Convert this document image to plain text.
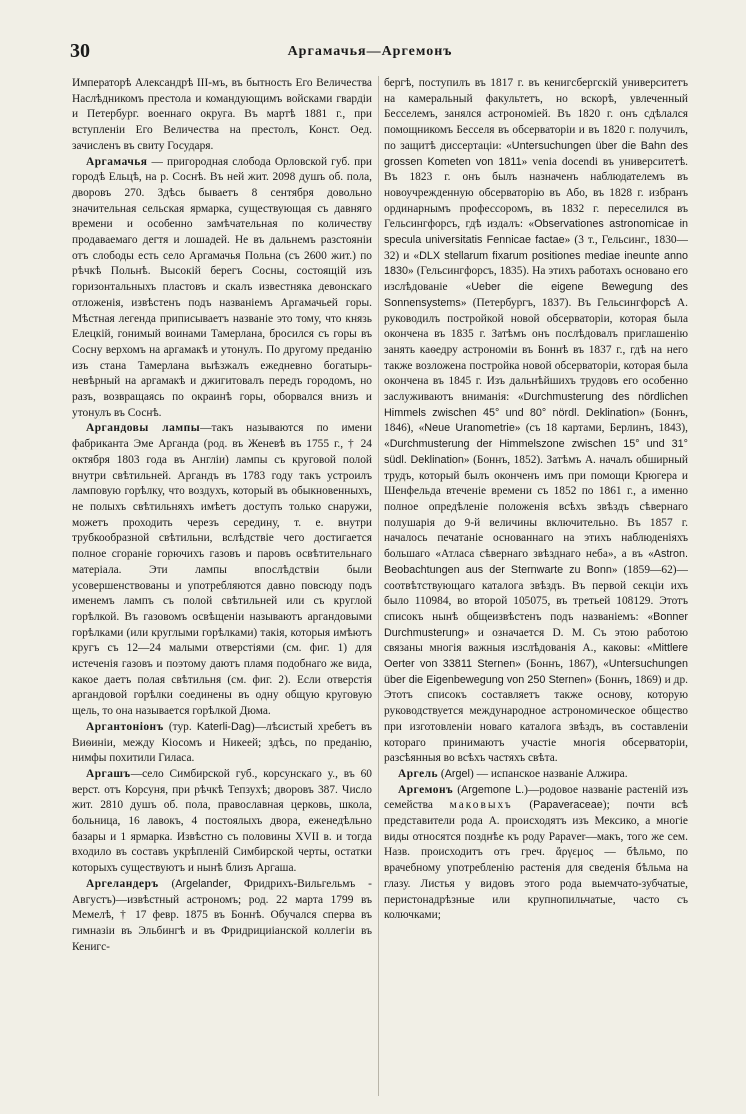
30	Аргамачья—Аргемонъ

Императорѣ Александрѣ III-мъ, въ бытность Его Величества Наслѣдникомъ престола и командующимъ войсками гвардіи и Петербург. военнаго округа. Въ мартѣ 1881 г., при вступленіи Его Величества на престолъ, Конст. Оед. зачисленъ въ свиту Государя.

Аргамачья — пригородная слобода Орловской губ. при городѣ Ельцѣ, на р. Соснѣ. Въ ней жит. 2098 душъ об. пола, дворовъ 270. Здѣсь бываетъ 8 сентября довольно значительная сельская ярмарка, существующая съ давняго времени и особенно замѣчательная по количеству продаваемаго дегтя и лошадей. Не въ дальнемъ разстояніи отъ слободы есть село Аргамачья Польна (съ 2600 жит.) по рѣчкѣ Польнѣ. Высокій берегъ Сосны, состоящій изъ горизонтальныхъ пластовъ и скалъ известняка девонскаго отложенія, извѣстенъ подъ названіемъ Аргамачьей горы. Мѣстная легенда приписываетъ названіе это тому, что князь Елецкій, гонимый воинами Тамерлана, бросился съ горы въ Сосну верхомъ на аргамакѣ и утонулъ. По другому преданію изъ стана Тамерлана выѣзжалъ ежедневно богатырь-невѣрный на аргамакѣ и джигитовалъ передъ городомъ, но разъ, возвращаясь по окраинѣ горы, оборвался внизъ и утонулъ въ Соснѣ.

Аргандовы лампы—такъ называются по имени фабриканта Эме Арганда (род. въ Женевѣ въ 1755 г., † 24 октября 1803 года въ Англіи) лампы съ круговой полой внутри свѣтильней. Аргандъ въ 1783 году такъ устроилъ ламповую горѣлку, что воздухъ, который въ обыкновенныхъ, не полыхъ свѣтильняхъ имѣетъ доступъ только снаружи, можетъ проходить черезъ середину, т. е. внутри трубкообразной свѣтильни, вслѣдствіе чего достигается полное сгораніе горючихъ газовъ и паровъ освѣтительнаго матеріала. Эти лампы впослѣдствіи были усовершенствованы и употребляются давно повсюду подъ именемъ лампъ съ полой свѣтильней или съ круглой горѣлкой. Въ газовомъ освѣщеніи называютъ аргандовыми горѣлками (или круглыми горѣлками) такія, которыя имѣютъ кругъ съ 12—24 малыми отверстіями (см. фиг. 1) для истеченія газовъ и поэтому даютъ пламя подобнаго же вида, какое даетъ полая свѣтильня (см. фиг. 2). Если отверстія аргандовой горѣлки соединены въ одну общую круговую щель, то она называется горѣлкой Дюма.

Аргантоніонъ (тур. Katerli-Dag)—лѣсистый хребетъ въ Виѳиніи, между Кіосомъ и Никеей; здѣсь, по преданію, нимфы похитили Гиласа.

Аргашъ—село Симбирской губ., корсунскаго у., въ 60 верст. отъ Корсуня, при рѣчкѣ Тепзухѣ; дворовъ 387. Число жит. 2810 душъ об. пола, православная церковь, школа, больница, 16 лавокъ, 4 постоялыхъ двора, еженедѣльно базары и 1 ярмарка. Извѣстно съ половины XVII в. и тогда входило въ составъ укрѣпленій Симбирской черты, остатки которыхъ существуютъ и нынѣ близъ Аргаша.

Аргеландеръ (Argelander, Фридрихъ-Вильгельмъ - Августъ)—извѣстный астрономъ; род. 22 марта 1799 въ Мемелѣ, † 17 февр. 1875 въ Боннѣ. Обучался сперва въ гимназіи въ Эльбингѣ и въ Фридрициіанской коллегіи въ Кенигс-

бергѣ, поступилъ въ 1817 г. въ кенигсбергскій университетъ на камеральный факультетъ, но вскорѣ, увлеченный Бесселемъ, занялся астрономіей. Въ 1820 г. онъ сдѣлался помощникомъ Бесселя въ обсерваторіи и въ 1820 г. получилъ, по защитѣ диссертаціи: «Untersuchungen über die Bahn des grossen Kometen von 1811» venia docendi въ университетѣ. Въ 1823 г. онъ былъ назначенъ наблюдателемъ въ новоучрежденную обсерваторію въ Або, въ 1828 г. избранъ ординарнымъ профессоромъ, въ 1832 г. переселился въ Гельсингфорсъ, гдѣ издалъ: «Observationes astronomicae in specula universitatis Fennicae factae» (3 т., Гельсинг., 1830—32) и «DLX stellarum fixarum positiones mediae ineunte anno 1830» (Гельсингфорсъ, 1835). На этихъ работахъ основано его изслѣдованіе «Ueber die eigene Bewegung des Sonnensystems» (Петербургъ, 1837). Въ Гельсингфорсѣ А. руководилъ постройкой новой обсерваторіи, которая была окончена въ 1835 г. Затѣмъ онъ послѣдовалъ приглашенію занять каѳедру астрономіи въ Боннѣ въ 1837 г., гдѣ на него также возложена постройка новой обсерваторіи, которая была окончена въ 1845 г. Изъ дальнѣйшихъ трудовъ его особенно заслуживаютъ вниманія: «Durchmusterung des nördlichen Himmels zwischen 45° und 80° nördl. Deklination» (Боннъ, 1846), «Neue Uranometrie» (съ 18 картами, Берлинъ, 1843), «Durchmusterung der Himmelszone zwischen 15° und 31° südl. Deklination» (Боннъ, 1852). Затѣмъ А. началъ обширный трудъ, который былъ оконченъ имъ при помощи Крюгера и Шенфельда втеченіе времени съ 1852 по 1861 г., а именно полное опредѣленіе положенія всѣхъ звѣздъ сѣвернаго полушарія до 9-й величины включительно. Въ 1857 г. началось печатаніе основаннаго на этихъ наблюденіяхъ большаго «Атласа сѣвернаго звѣзднаго неба», а въ «Astron. Beobachtungen aus der Sternwarte zu Bonn» (1859—62)—соотвѣтствующаго каталога звѣздъ. Въ первой секціи ихъ было 110984, во второй 105075, въ третьей 108129. Этотъ списокъ нынѣ общеизвѣстенъ подъ названіемъ: «Bonner Durchmusterung» и означается D. M. Съ этою работою связаны многія важныя изслѣдованія А., каковы: «Mittlere Oerter von 33811 Sternen» (Боннъ, 1867), «Untersuchungen über die Eigenbewegung von 250 Sternen» (Боннъ, 1869) и др. Этотъ списокъ составляетъ также основу, которую руководствуется международное астрономическое общество при изготовленіи новаго каталога звѣздъ, въ составленіи котораго принимаютъ участіе многія обсерваторіи, разсѣянныя во всѣхъ частяхъ свѣта.

Аргель (Argel) — испанское названіе Алжира.

Аргемонъ (Argemone L.)—родовое названіе растеній изъ семейства маковыхъ (Papaveraceae); почти всѣ представители рода А. происходятъ изъ Мексико, а многіе виды относятся позднѣе къ роду Papaver—макъ, того же сем. Назв. происходитъ отъ греч. ἄργεμος — бѣльмо, по врачебному употребленію растенія для сведенія бѣльма на глазу. Листья у видовъ этого рода выемчато-зубчатые, перистонадрѣзные или крупнопильчатые, часто съ колючками;
